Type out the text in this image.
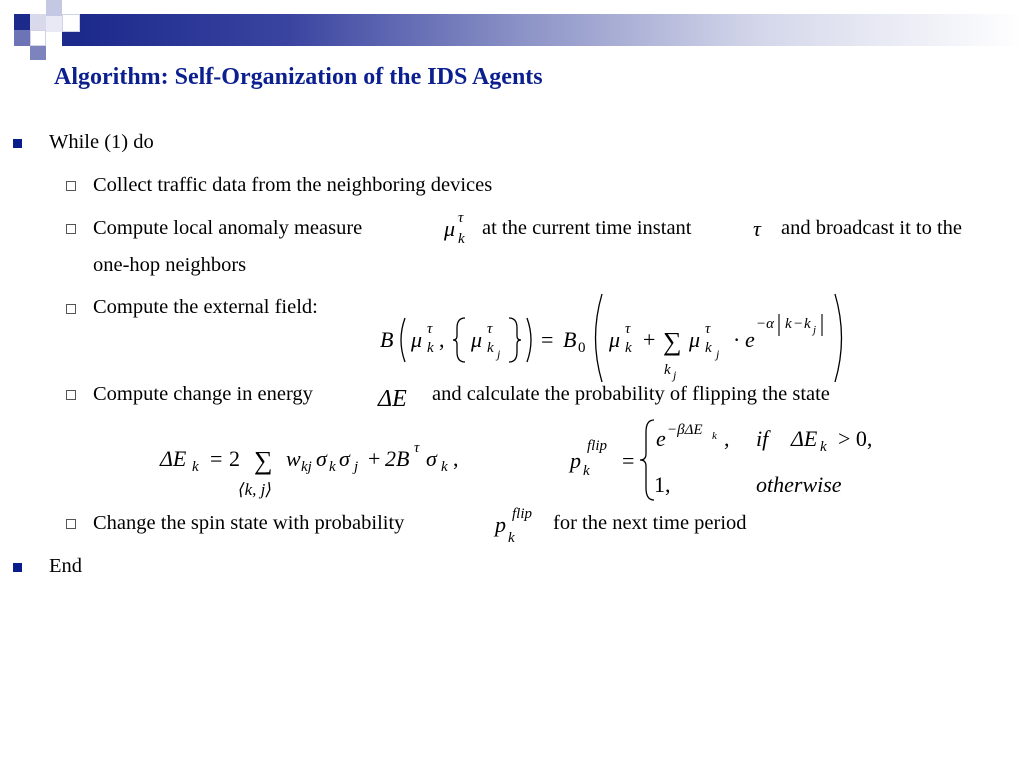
Algorithm: Self-Organization of the IDS Agents
While (1) do
Collect traffic data from the neighboring devices
Compute local anomaly measure	μ τ
k at the current time instant	τ and broadcast it to the
one-hop neighbors
Compute the external field:
B μ τ
k , μ τ
k j
= B 0 μ τ
k + ∑
k j
μ τ
k j
· e
−α k − k j
Compute change in energy	ΔE and calculate the probability of flipping the state
ΔE k = 2 ∑
⟨k, j⟩
w kj σ k σ j + 2B τ σ k ,	p
flip
k =
e −βΔE k , if ΔE k > 0,
1,	otherwise
Change the spin state with probability	p flip
k
for the next time period
End
